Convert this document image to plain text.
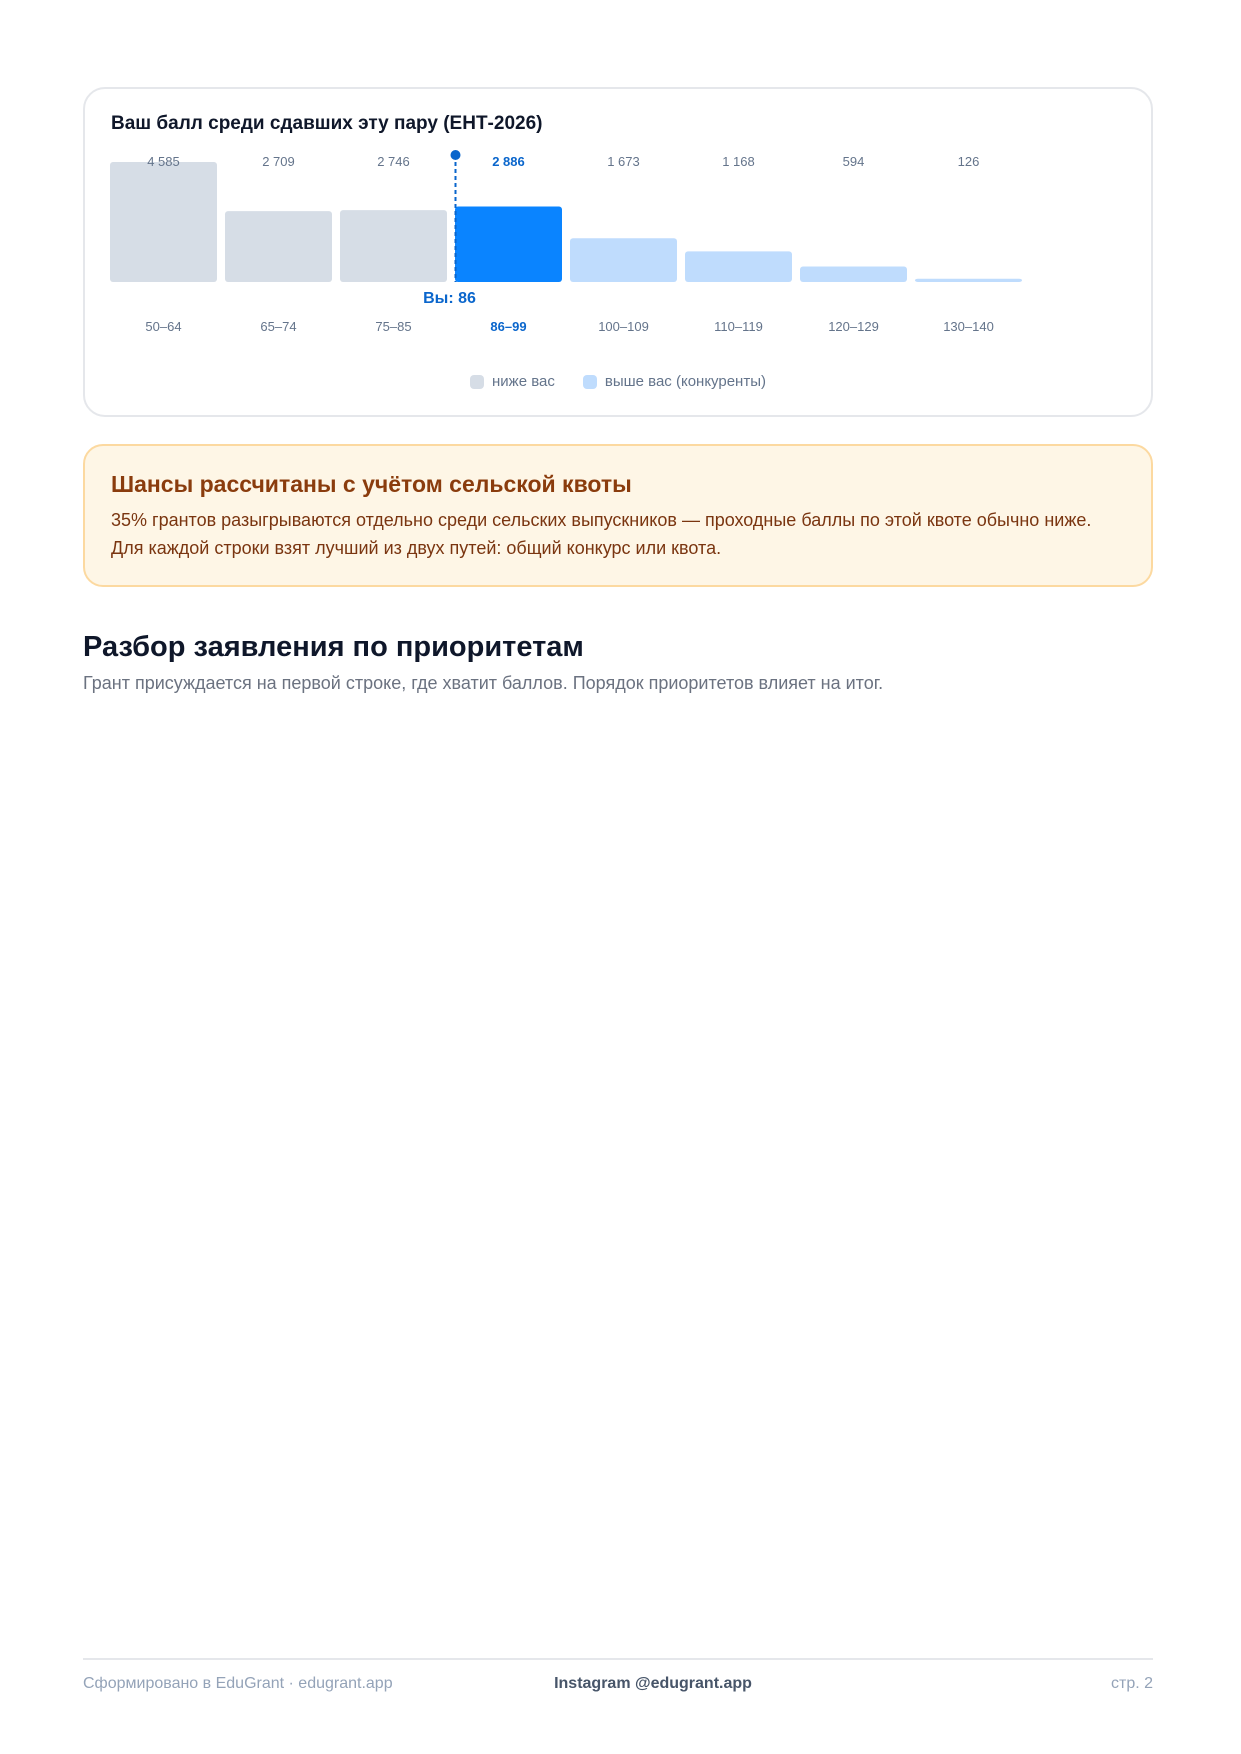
Ваш балл среди сдавших эту пару (ЕНТ-2026)
4 585
50–64
2 709
65–74
2 746
75–85
2 886
86–99
1 673
100–109
1 168
110–119
594
120–129
126
130–140
Вы: 86
ниже вас	выше вас (конкуренты)
Шансы рассчитаны с учётом сельской квоты

35% грантов разыгрываются отдельно среди сельских выпускников — проходные баллы по этой квоте обычно ниже. Для каждой строки взят лучший из двух путей: общий конкурс или квота.

Разбор заявления по приоритетам

Грант присуждается на первой строке, где хватит баллов. Порядок приоритетов влияет на итог.

Сформировано в EduGrant · edugrant.app	Instagram @edugrant.app	стр. 2
